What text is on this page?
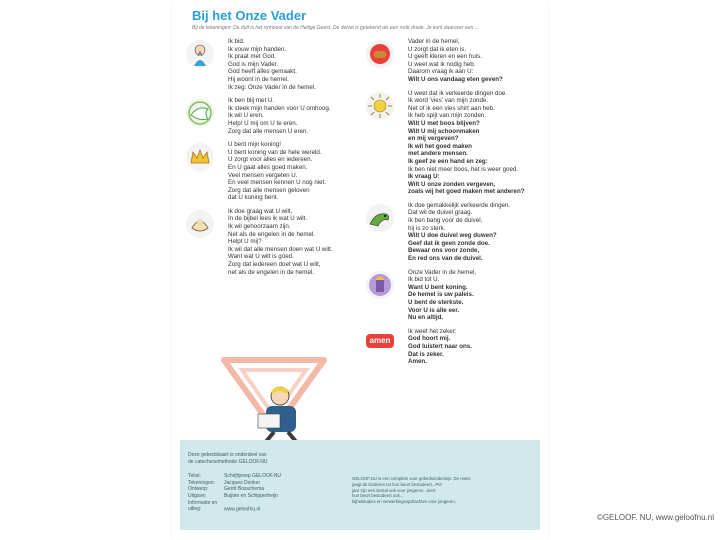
Bij het Onze Vader
Bij de tekeningen: De duif is het symbool van de Heilige Geest. De duivel is getekend als een rode draak. Je kunt daarover een ...
Ik bid.
Ik vouw mijn handen.
Ik praat met God.
God is mijn Vader.
God heeft alles gemaakt.
Hij woont in de hemel.
Ik zeg: Onze Vader in de hemel.
Ik ben blij met U.
Ik steek mijn handen voor U omhoog.
Ik wil U eren.
Help! U mij om U te eren.
Zorg dat alle mensen U eren.
U bent mijn koning!
U bent koning van de hele wereld.
U zorgt voor alles en iedereen.
En U gaat alles goed maken.
Veel mensen vergeten U.
En veel mensen kennen U nog niet.
Zorg dat alle mensen geloven
dat U koning bent.
Ik doe graag wat U wilt.
In de bijbel lees ik wat U wilt.
Ik wil gehoorzaam zijn.
Net als de engelen in de hemel.
Helpt U mij?
Ik wil dat alle mensen doen wat U wilt.
Want wat U wilt is goed.
Zorg dat iedereen doet wat U wilt,
net als de engelen in de hemel.
Vader in de hemel,
U zorgt dat ik eten is.
U geeft kleren en een huis.
U weet wat ik nodig heb.
Daarom vraag ik aan U:
Wilt U ons vandaag eten geven?
U weet dat ik verkeerde dingen doe.
Ik word 'vies' van mijn zonde.
Net of ik een vies shirt aan heb.
Ik heb spijt van mijn zonden.
Wilt U met boos blijven?
Wilt U mij schoonmaken
en mij vergeven?
Ik wil het goed maken
met andere mensen.
Ik geef ze een hand en zeg:
Ik ben niet meer boos, het is weer goed.
Ik vraag U:
Wilt U onze zonden vergeven,
zoals wij het goed maken met anderen?
Ik doe gemakkelijk verkeerde dingen.
Dat wil de duivel graag.
Ik ben bang voor de duivel,
hij is zo sterk.
Wilt U doe duivel weg duwen?
Geef dat ik geen zonde doe.
Bewaar ons voor zonde,
En red ons van de duivel.
Onze Vader in de hemel,
Ik bid tot U.
Want U bent koning.
De hemel is uw paleis.
U bent de sterkste.
Voor U is alle eer.
Nu en altijd.
amen
Ik weet het zeker:
God hoort mij.
God luistert naar ons.
Dat is zeker.
Amen.
Deze gebedskaart is onderdeel van
de catechesemethode GELOOF.NU
Tekst:	Schrijfgroep GELOOF.NU
Tekeningen: Jacques Donker
Ontwerp:	Gerrit Bosschema
Uitgave:	Buijten en Schipperheijn
Informatie en uitleg:	www.geloofnu.nl
GELOOF.NU is een complete voor gebedsonderwijs. De reeks
jaagt de kinderen tot hun beurt bestudeert...Per
jaar zijn een tiental ook voor jongeren...leert
hun beurt bestudeert ook...
bijbelstudies en verwerkingsopdrachten voor jongeren.
©GELOOF. NU, www.geloofnu.nl
